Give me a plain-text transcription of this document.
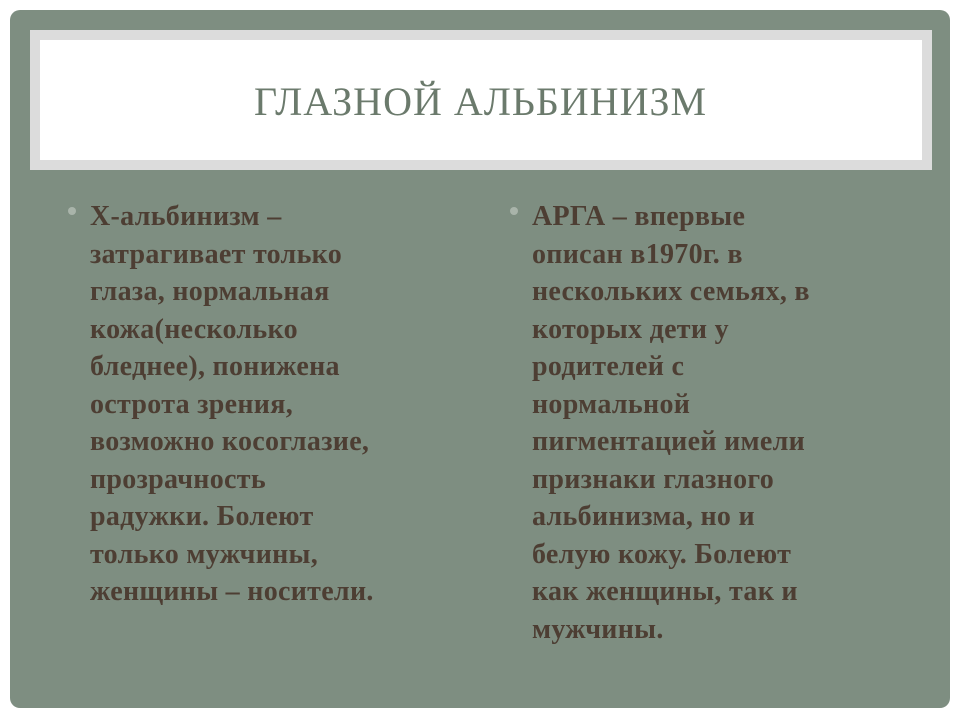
ГЛАЗНОЙ АЛЬБИНИЗМ

Х-альбинизм –
затрагивает только
глаза, нормальная
кожа(несколько
бледнее), понижена
острота зрения,
возможно косоглазие,
прозрачность
радужки. Болеют
только мужчины,
женщины – носители.

АРГА – впервые
описан в1970г. в
нескольких семьях, в
которых дети у
родителей с
нормальной
пигментацией имели
признаки глазного
альбинизма, но и
белую кожу. Болеют
как женщины, так и
мужчины.
